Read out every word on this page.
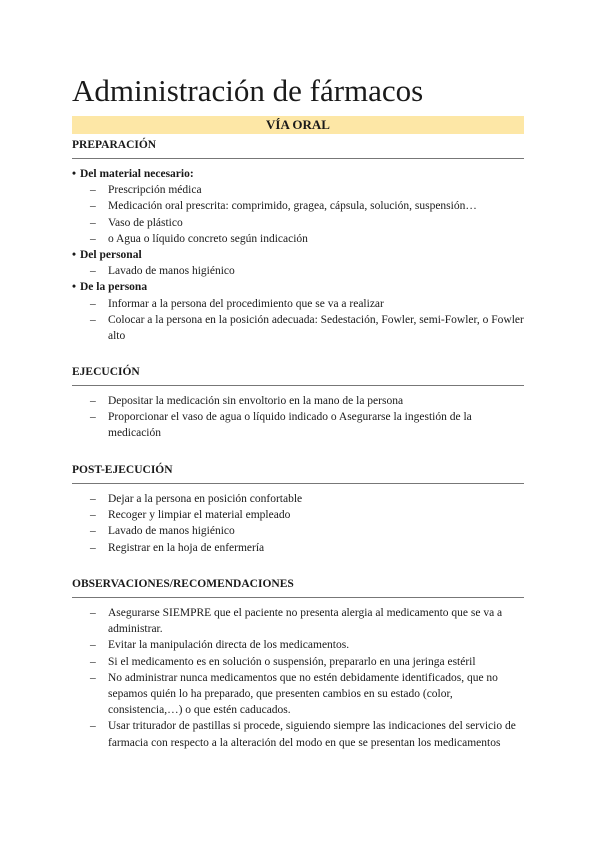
Administración de fármacos
VÍA ORAL
PREPARACIÓN
• Del material necesario:
– Prescripción médica
– Medicación oral prescrita: comprimido, gragea, cápsula, solución, suspensión…
– Vaso de plástico
– o Agua o líquido concreto según indicación
• Del personal
– Lavado de manos higiénico
• De la persona
– Informar a la persona del procedimiento que se va a realizar
– Colocar a la persona en la posición adecuada: Sedestación, Fowler, semi-Fowler, o Fowler alto
EJECUCIÓN
– Depositar la medicación sin envoltorio en la mano de la persona
– Proporcionar el vaso de agua o líquido indicado o Asegurarse la ingestión de la medicación
POST-EJECUCIÓN
– Dejar a la persona en posición confortable
– Recoger y limpiar el material empleado
– Lavado de manos higiénico
– Registrar en la hoja de enfermería
OBSERVACIONES/RECOMENDACIONES
– Asegurarse SIEMPRE que el paciente no presenta alergia al medicamento que se va a administrar.
– Evitar la manipulación directa de los medicamentos.
– Si el medicamento es en solución o suspensión, prepararlo en una jeringa estéril
– No administrar nunca medicamentos que no estén debidamente identificados, que no sepamos quién lo ha preparado, que presenten cambios en su estado (color, consistencia,…) o que estén caducados.
– Usar triturador de pastillas si procede, siguiendo siempre las indicaciones del servicio de farmacia con respecto a la alteración del modo en que se presentan los medicamentos
